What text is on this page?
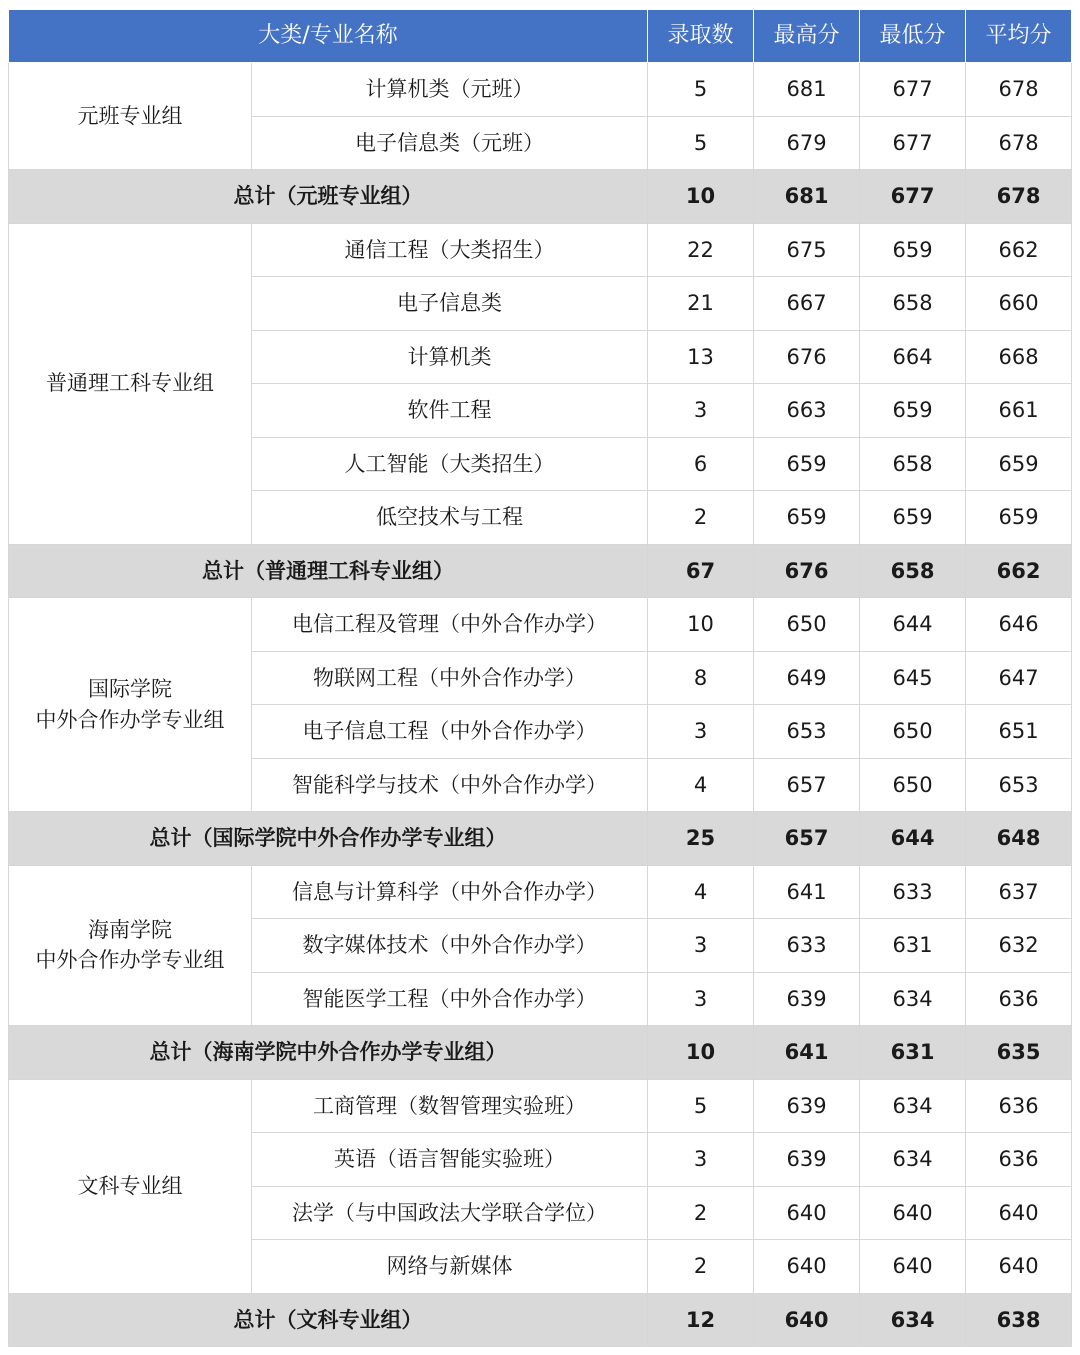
大类/专业名称		录取数	最高分	最低分	平均分

元班专业组	计算机类（元班）	5	681	677	678
	电子信息类（元班）	5	679	677	678
总计（元班专业组）		10	681	677	678

普通理工科专业组	通信工程（大类招生）	22	675	659	662
	电子信息类	21	667	658	660
	计算机类	13	676	664	668
	软件工程	3	663	659	661
	人工智能（大类招生）	6	659	658	659
	低空技术与工程	2	659	659	659
总计（普通理工科专业组）		67	676	658	662

国际学院
中外合作办学专业组	电信工程及管理（中外合作办学）	10	650	644	646
	物联网工程（中外合作办学）	8	649	645	647
	电子信息工程（中外合作办学）	3	653	650	651
	智能科学与技术（中外合作办学）	4	657	650	653
总计（国际学院中外合作办学专业组）		25	657	644	648

海南学院
中外合作办学专业组	信息与计算科学（中外合作办学）	4	641	633	637
	数字媒体技术（中外合作办学）	3	633	631	632
	智能医学工程（中外合作办学）	3	639	634	636
总计（海南学院中外合作办学专业组）		10	641	631	635

文科专业组	工商管理（数智管理实验班）	5	639	634	636
	英语（语言智能实验班）	3	639	634	636
	法学（与中国政法大学联合学位）	2	640	640	640
	网络与新媒体	2	640	640	640
总计（文科专业组）		12	640	634	638
